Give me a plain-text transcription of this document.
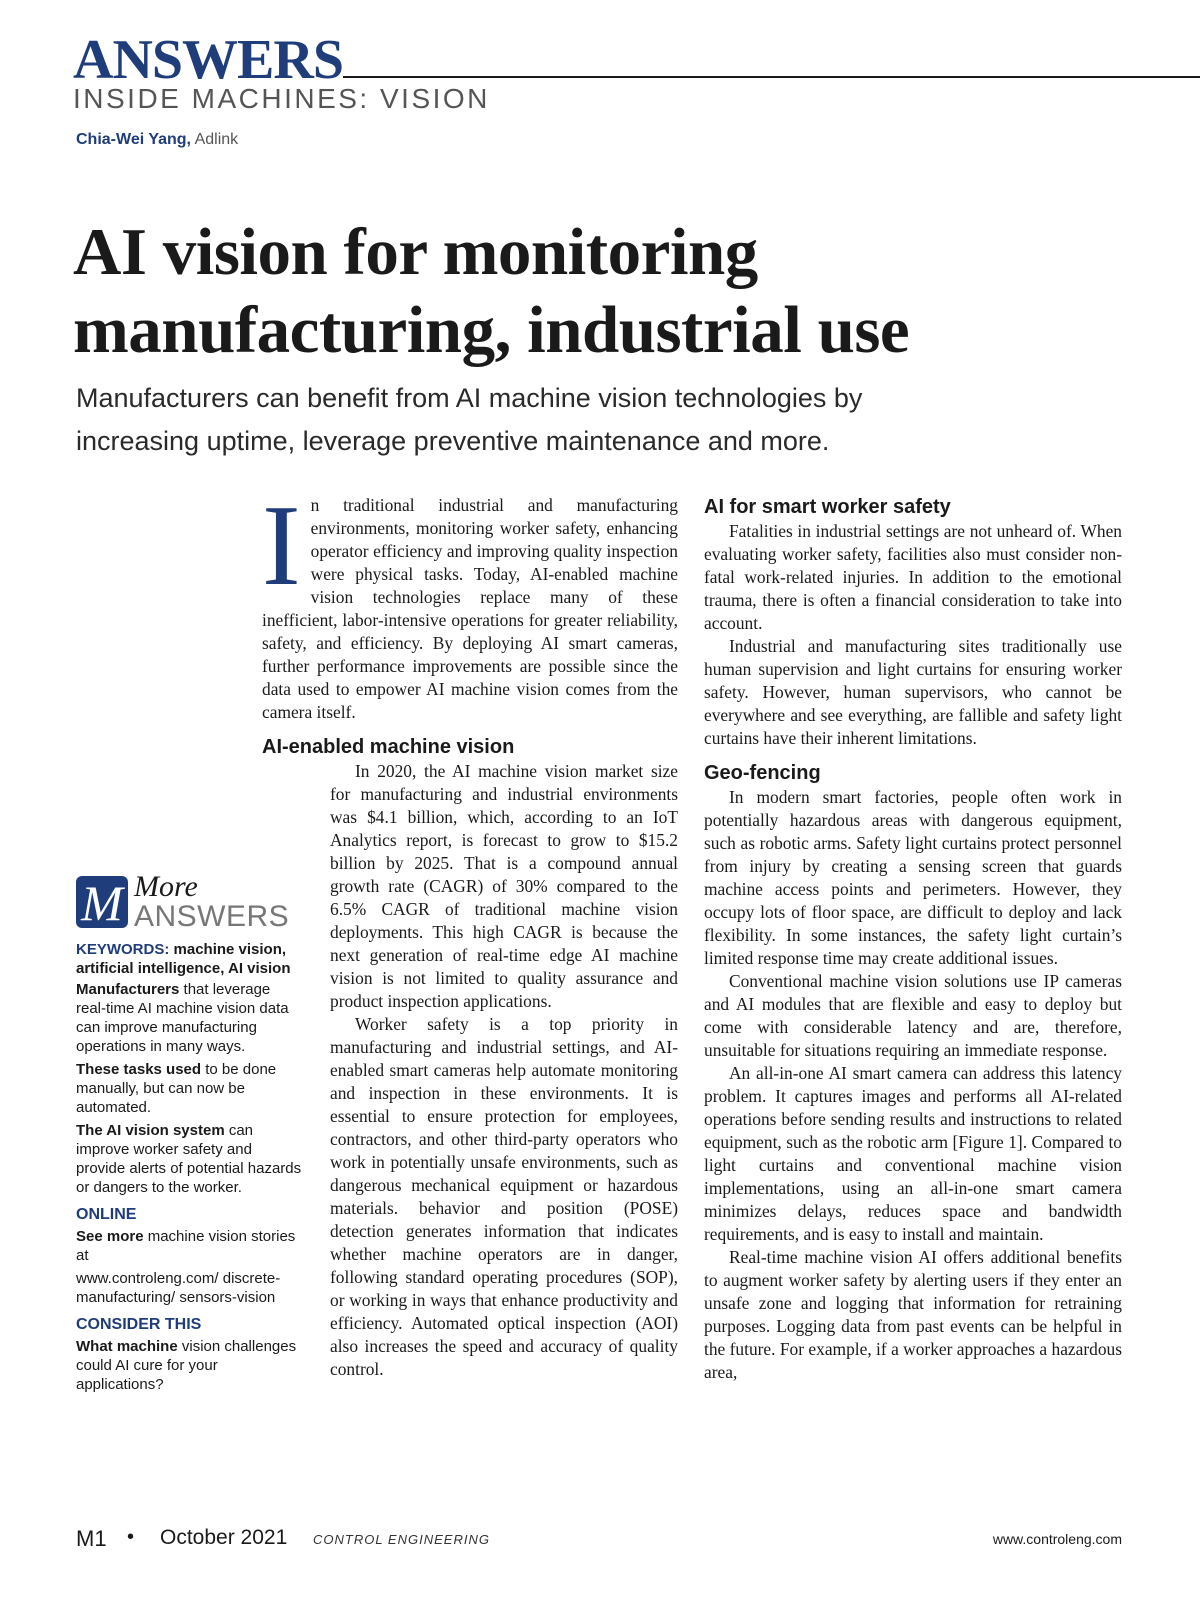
ANSWERS
INSIDE MACHINES: VISION
Chia-Wei Yang, Adlink
AI vision for monitoring
manufacturing, industrial use

Manufacturers can benefit from AI machine vision technologies by
increasing uptime, leverage preventive maintenance and more.

In traditional industrial and manufacturing environments, monitoring worker safety, enhancing operator efficiency and improving quality inspection were physical tasks. Today, AI-enabled machine vision technologies replace many of these inefficient, labor-intensive operations for greater reliability, safety, and efficiency. By deploying AI smart cameras, further performance improvements are possible since the data used to empower AI machine vision comes from the camera itself.

AI-enabled machine vision

In 2020, the AI machine vision market size for manufacturing and industrial environments was $4.1 billion, which, according to an IoT Analytics report, is forecast to grow to $15.2 billion by 2025. That is a compound annual growth rate (CAGR) of 30% compared to the 6.5% CAGR of traditional machine vision deployments. This high CAGR is because the next generation of real-time edge AI machine vision is not limited to quality assurance and product inspection applications.

Worker safety is a top priority in manufacturing and industrial settings, and AI-enabled smart cameras help automate monitoring and inspection in these environments. It is essential to ensure protection for employees, contractors, and other third-party operators who work in potentially unsafe environments, such as dangerous mechanical equipment or hazardous materials. behavior and position (POSE) detection generates information that indicates whether machine operators are in danger, following standard operating procedures (SOP), or working in ways that enhance productivity and efficiency. Automated optical inspection (AOI) also increases the speed and accuracy of quality control.

AI for smart worker safety

Fatalities in industrial settings are not unheard of. When evaluating worker safety, facilities also must consider non-fatal work-related injuries. In addition to the emotional trauma, there is often a financial consideration to take into account.

Industrial and manufacturing sites traditionally use human supervision and light curtains for ensuring worker safety. However, human supervisors, who cannot be everywhere and see everything, are fallible and safety light curtains have their inherent limitations.

Geo-fencing

In modern smart factories, people often work in potentially hazardous areas with dangerous equipment, such as robotic arms. Safety light curtains protect personnel from injury by creating a sensing screen that guards machine access points and perimeters. However, they occupy lots of floor space, are difficult to deploy and lack flexibility. In some instances, the safety light curtain’s limited response time may create additional issues.

Conventional machine vision solutions use IP cameras and AI modules that are flexible and easy to deploy but come with considerable latency and are, therefore, unsuitable for situations requiring an immediate response.

An all-in-one AI smart camera can address this latency problem. It captures images and performs all AI-related operations before sending results and instructions to related equipment, such as the robotic arm [Figure 1]. Compared to light curtains and conventional machine vision implementations, using an all-in-one smart camera minimizes delays, reduces space and bandwidth requirements, and is easy to install and maintain.

Real-time machine vision AI offers additional benefits to augment worker safety by alerting users if they enter an unsafe zone and logging that information for retraining purposes. Logging data from past events can be helpful in the future. For example, if a worker approaches a hazardous area,

M More
ANSWERS
KEYWORDS: machine vision, artificial intelligence, AI vision
Manufacturers that leverage real-time AI machine vision data can improve manufacturing operations in many ways.
These tasks used to be done manually, but can now be automated.
The AI vision system can improve worker safety and provide alerts of potential hazards or dangers to the worker.
ONLINE
See more machine vision stories at
www.controleng.com/ discrete-manufacturing/ sensors-vision
CONSIDER THIS
What machine vision challenges could AI cure for your applications?
M1 • October 2021 CONTROL ENGINEERING	www.controleng.com
